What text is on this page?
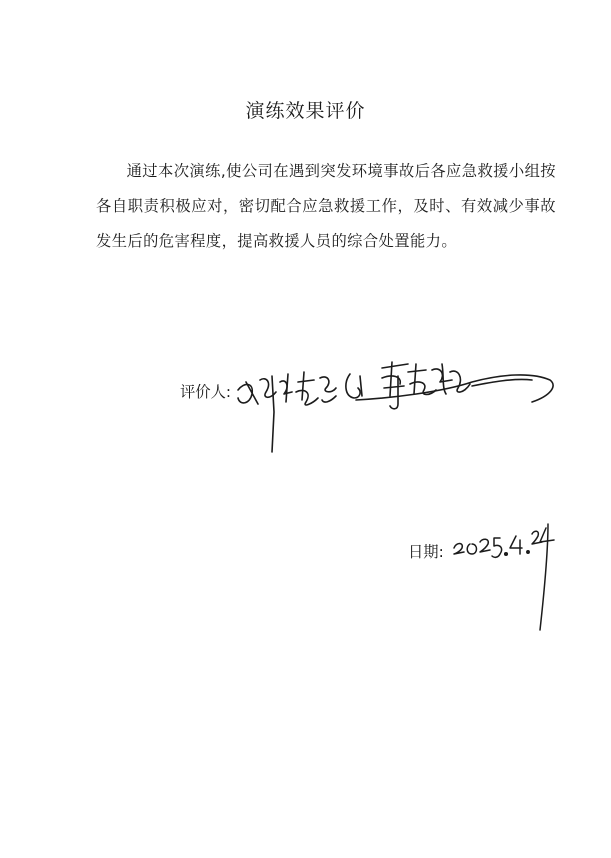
演练效果评价

通过本次演练,使公司在遇到突发环境事故后各应急救援小组按各自职责积极应对，密切配合应急救援工作，及时、有效减少事故发生后的危害程度，提高救援人员的综合处置能力。

评价人:
日期:
